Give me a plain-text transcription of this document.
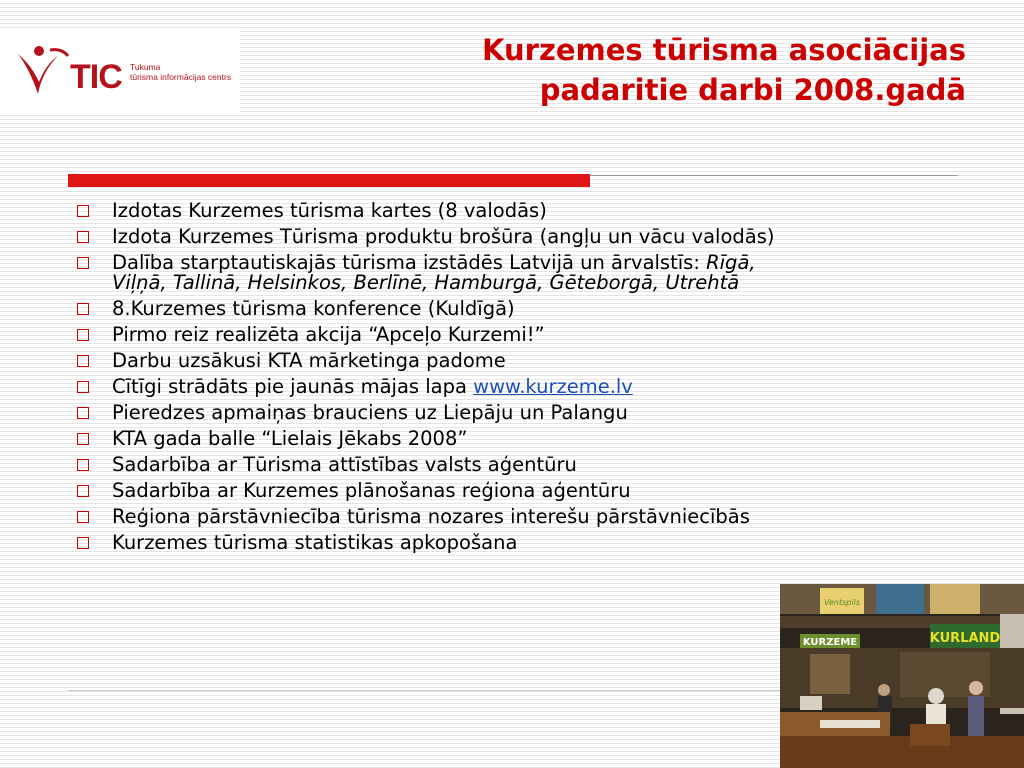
TIC Tukuma
tūrisma informācijas centrs
Kurzemes tūrisma asociācijas
padaritie darbi 2008.gadā
Izdotas Kurzemes tūrisma kartes (8 valodās)
Izdota Kurzemes Tūrisma produktu brošūra (angļu un vācu valodās)
Dalība starptautiskajās tūrisma izstādēs Latvijā un ārvalstīs: Rīgā, Viļņā, Tallinā, Helsinkos, Berlīnē, Hamburgā, Gēteborgā, Utrehtā
8.Kurzemes tūrisma konference (Kuldīgā)
Pirmo reiz realizēta akcija “Apceļo Kurzemi!”
Darbu uzsākusi KTA mārketinga padome
Cītīgi strādāts pie jaunās mājas lapa www.kurzeme.lv
Pieredzes apmaiņas brauciens uz Liepāju un Palangu
KTA gada balle “Lielais Jēkabs 2008”
Sadarbība ar Tūrisma attīstības valsts aģentūru
Sadarbība ar Kurzemes plānošanas reģiona aģentūru
Reģiona pārstāvniecība tūrisma nozares interešu pārstāvniecībās
Kurzemes tūrisma statistikas apkopošana
Ventspils
KURLAND
KURZEME
